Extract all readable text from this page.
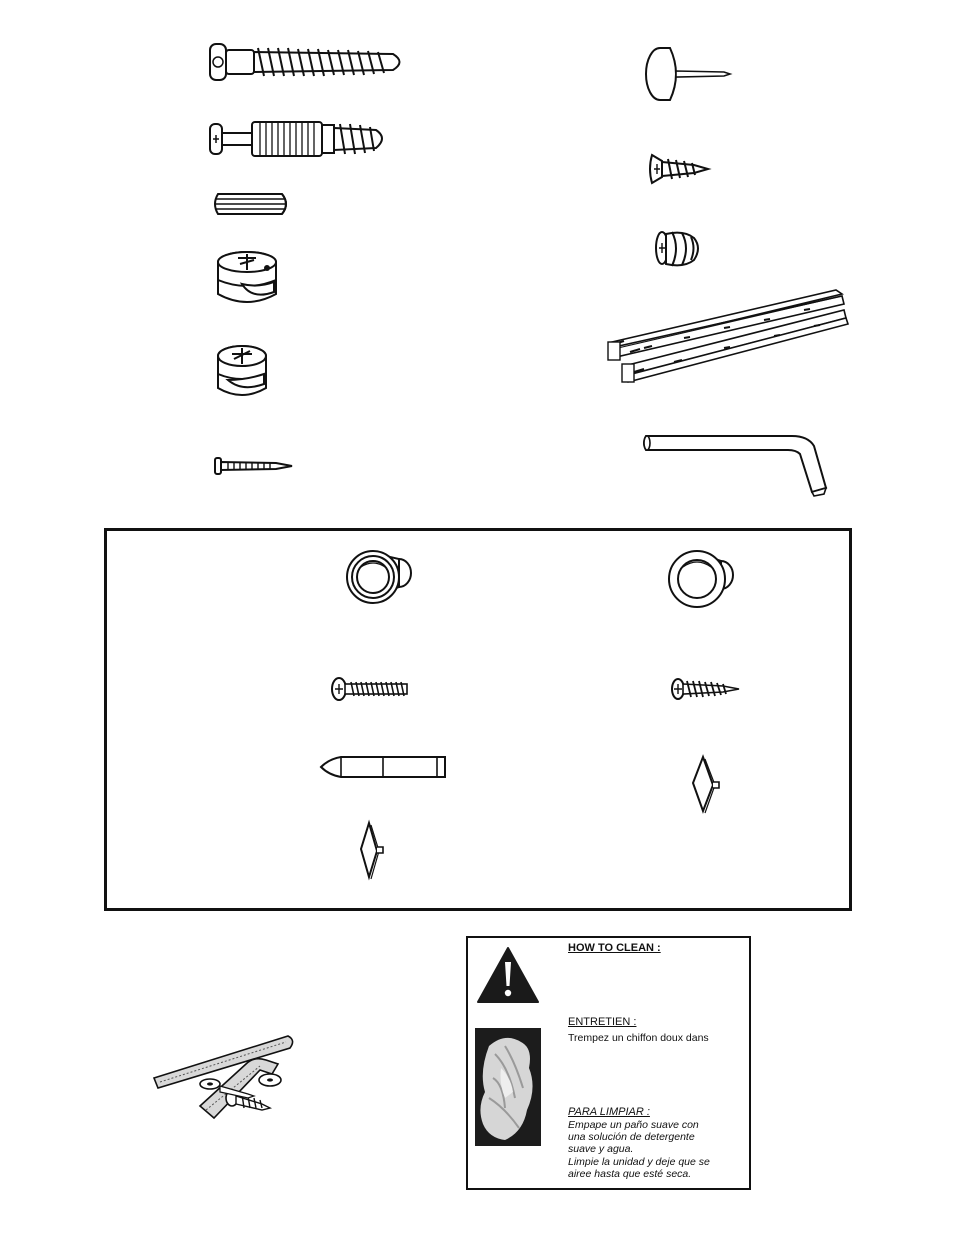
HOW TO CLEAN :
ENTRETIEN :
Trempez un chiffon doux dans
PARA LIMPIAR :
Empape un paño suave con una solución de detergente suave y agua.
Limpie la unidad y deje que se airee hasta que esté seca.
